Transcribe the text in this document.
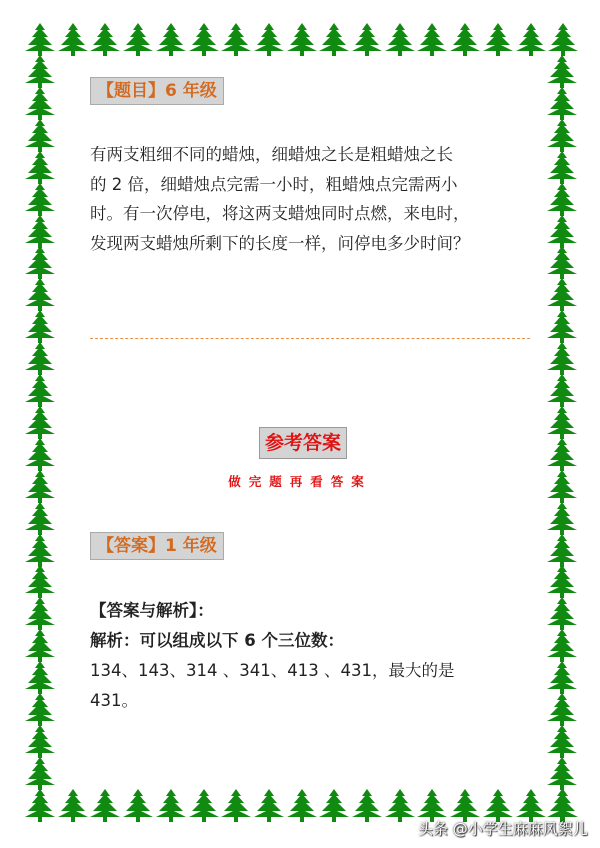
【题目】6 年级
有两支粗细不同的蜡烛，细蜡烛之长是粗蜡烛之长
的 2 倍，细蜡烛点完需一小时，粗蜡烛点完需两小
时。有一次停电，将这两支蜡烛同时点燃，来电时，
发现两支蜡烛所剩下的长度一样，问停电多少时间？
参考答案
做完题再看答案
【答案】1 年级
【答案与解析】：
解析：可以组成以下 6 个三位数：
134、143、314 、341、413 、431，最大的是
431。
头条 @小学生麻麻风絮儿
